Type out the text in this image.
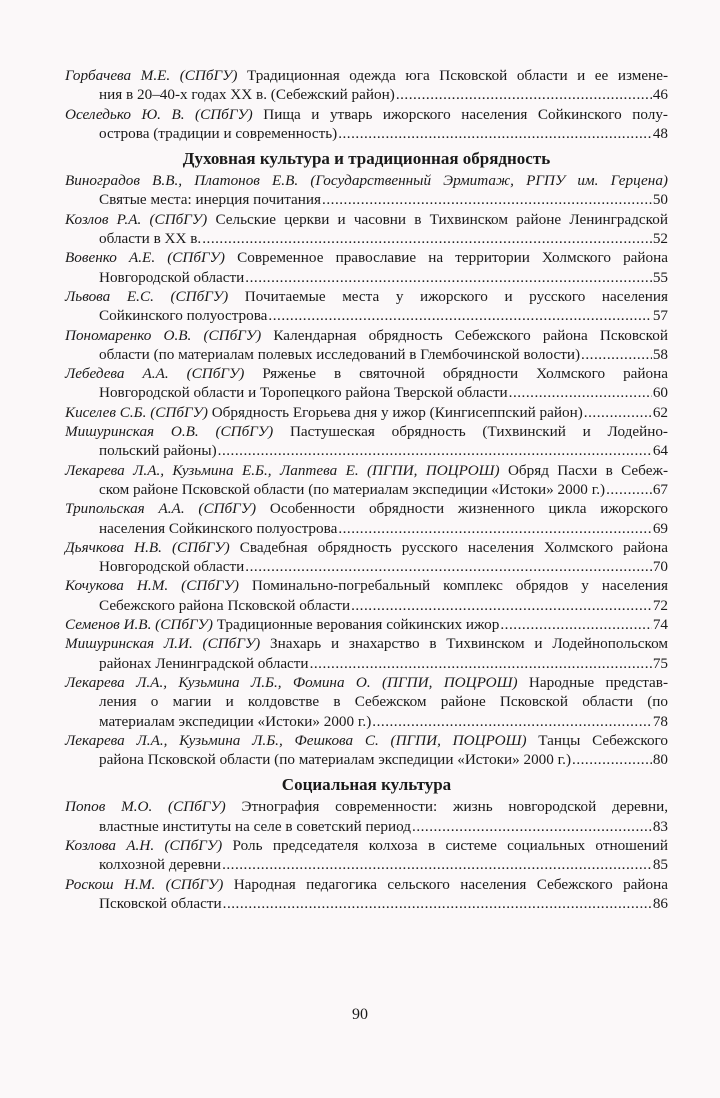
Горбачева М.Е. (СПбГУ) Традиционная одежда юга Псковской области и ее измене-
ния в 20–40-х годах XX в. (Себежский район) .....	46
Оселедько Ю. В. (СПбГУ) Пища и утварь ижорского населения Сойкинского полу-
острова (традиции и современность) .....	48
Духовная культура и традиционная обрядность
Виноградов В.В., Платонов Е.В. (Государственный Эрмитаж, РГПУ им. Герцена)
Святые места: инерция почитания .....	50
Козлов Р.А. (СПбГУ) Сельские церкви и часовни в Тихвинском районе Ленинградской
области в XX в. .....	52
Вовенко А.Е. (СПбГУ) Современное православие на территории Холмского района
Новгородской области .....	55
Львова Е.С. (СПбГУ) Почитаемые места у ижорского и русского населения
Сойкинского полуострова .....	57
Пономаренко О.В. (СПбГУ) Календарная обрядность Себежского района Псковской
области (по материалам полевых исследований в Глембочинской волости) .....	58
Лебедева А.А. (СПбГУ) Ряженье в святочной обрядности Холмского района
Новгородской области и Торопецкого района Тверской области .....	60
Киселев С.Б. (СПбГУ)
Обрядность Егорьева дня у ижор (Кингисеппский район) .....	62
Мишуринская О.В. (СПбГУ) Пастушеская обрядность (Тихвинский и Лодейно-
польский районы) .....	64
Лекарева Л.А., Кузьмина Е.Б., Лаптева Е. (ПГПИ, ПОЦРОШ) Обряд Пасхи в Себеж-
ском районе Псковской области (по материалам экспедиции «Истоки» 2000 г.) .....	67
Трипольская А.А. (СПбГУ) Особенности обрядности жизненного цикла ижорского
населения Сойкинского полуострова .....	69
Дьячкова Н.В. (СПбГУ) Свадебная обрядность русского населения Холмского района
Новгородской области .....	70
Кочукова Н.М. (СПбГУ) Поминально-погребальный комплекс обрядов у населения
Себежского района Псковской области .....	72
Семенов И.В. (СПбГУ)
Традиционные верования сойкинских ижор .....	74
Мишуринская Л.И. (СПбГУ) Знахарь и знахарство в Тихвинском и Лодейнопольском
районах Ленинградской области .....	75
Лекарева Л.А., Кузьмина Л.Б., Фомина О. (ПГПИ, ПОЦРОШ) Народные представ-
ления о магии и колдовстве в Себежском районе Псковской области (по
материалам экспедиции «Истоки» 2000 г.) .....	78
Лекарева Л.А., Кузьмина Л.Б., Фешкова С. (ПГПИ, ПОЦРОШ) Танцы Себежского
района Псковской области (по материалам экспедиции «Истоки» 2000 г.) .....	80
Социальная культура
Попов М.О. (СПбГУ) Этнография современности: жизнь новгородской деревни,
властные институты на селе в советский период .....	83
Козлова А.Н. (СПбГУ) Роль председателя колхоза в системе социальных отношений
колхозной деревни .....	85
Роскош Н.М. (СПбГУ) Народная педагогика сельского населения Себежского района
Псковской области .....	86
90
